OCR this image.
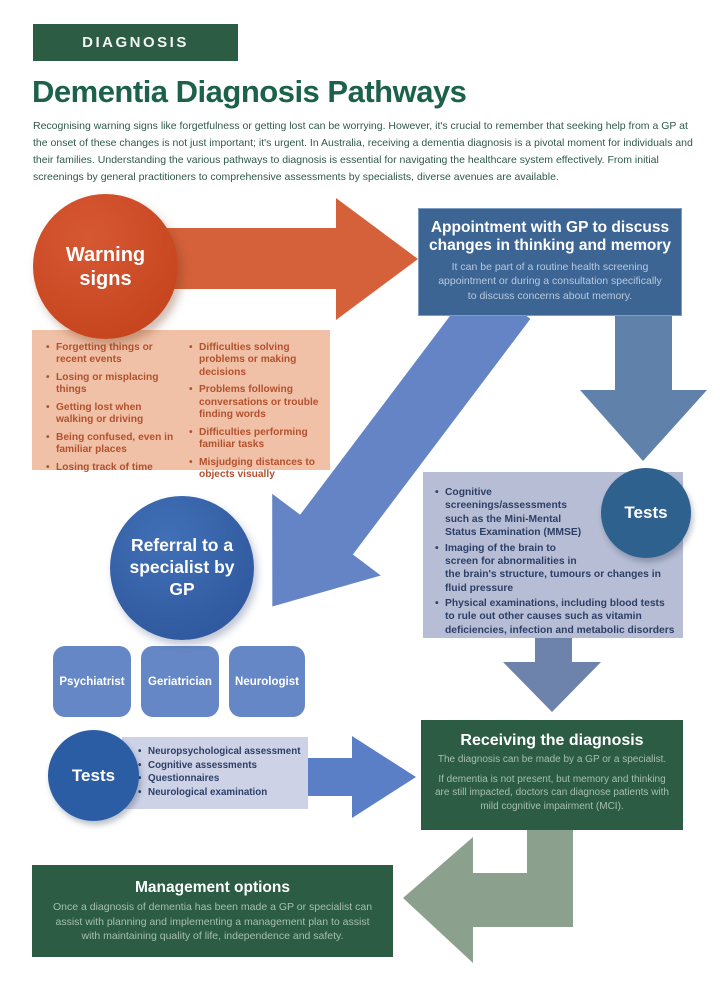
DIAGNOSIS
Dementia Diagnosis Pathways
Recognising warning signs like forgetfulness or getting lost can be worrying. However, it's crucial to remember that seeking help from a GP at the onset of these changes is not just important; it's urgent. In Australia, receiving a dementia diagnosis is a pivotal moment for individuals and their families. Understanding the various pathways to diagnosis is essential for navigating the healthcare system effectively. From initial screenings by general practitioners to comprehensive assessments by specialists, diverse avenues are available.
Warning signs
• Forgetting things or recent events
• Losing or misplacing things
• Getting lost when walking or driving
• Being confused, even in familiar places
• Losing track of time
• Difficulties solving problems or making decisions
• Problems following conversations or trouble finding words
• Difficulties performing familiar tasks
• Misjudging distances to objects visually
Appointment with GP to discuss changes in thinking and memory
It can be part of a routine health screening appointment or during a consultation specifically to discuss concerns about memory.
• Cognitive screenings/assessments such as the Mini-Mental Status Examination (MMSE)
• Imaging of the brain to screen for abnormalities in the brain's structure, tumours or changes in fluid pressure
• Physical examinations, including blood tests to rule out other causes such as vitamin deficiencies, infection and metabolic disorders
Tests
Referral to a specialist by GP
Psychiatrist	Geriatrician	Neurologist
• Neuropsychological assessment
• Cognitive assessments
• Questionnaires
• Neurological examination
Tests
Receiving the diagnosis
The diagnosis can be made by a GP or a specialist.
If dementia is not present, but memory and thinking are still impacted, doctors can diagnose patients with mild cognitive impairment (MCI).
Management options
Once a diagnosis of dementia has been made a GP or specialist can assist with planning and implementing a management plan to assist with maintaining quality of life, independence and safety.
